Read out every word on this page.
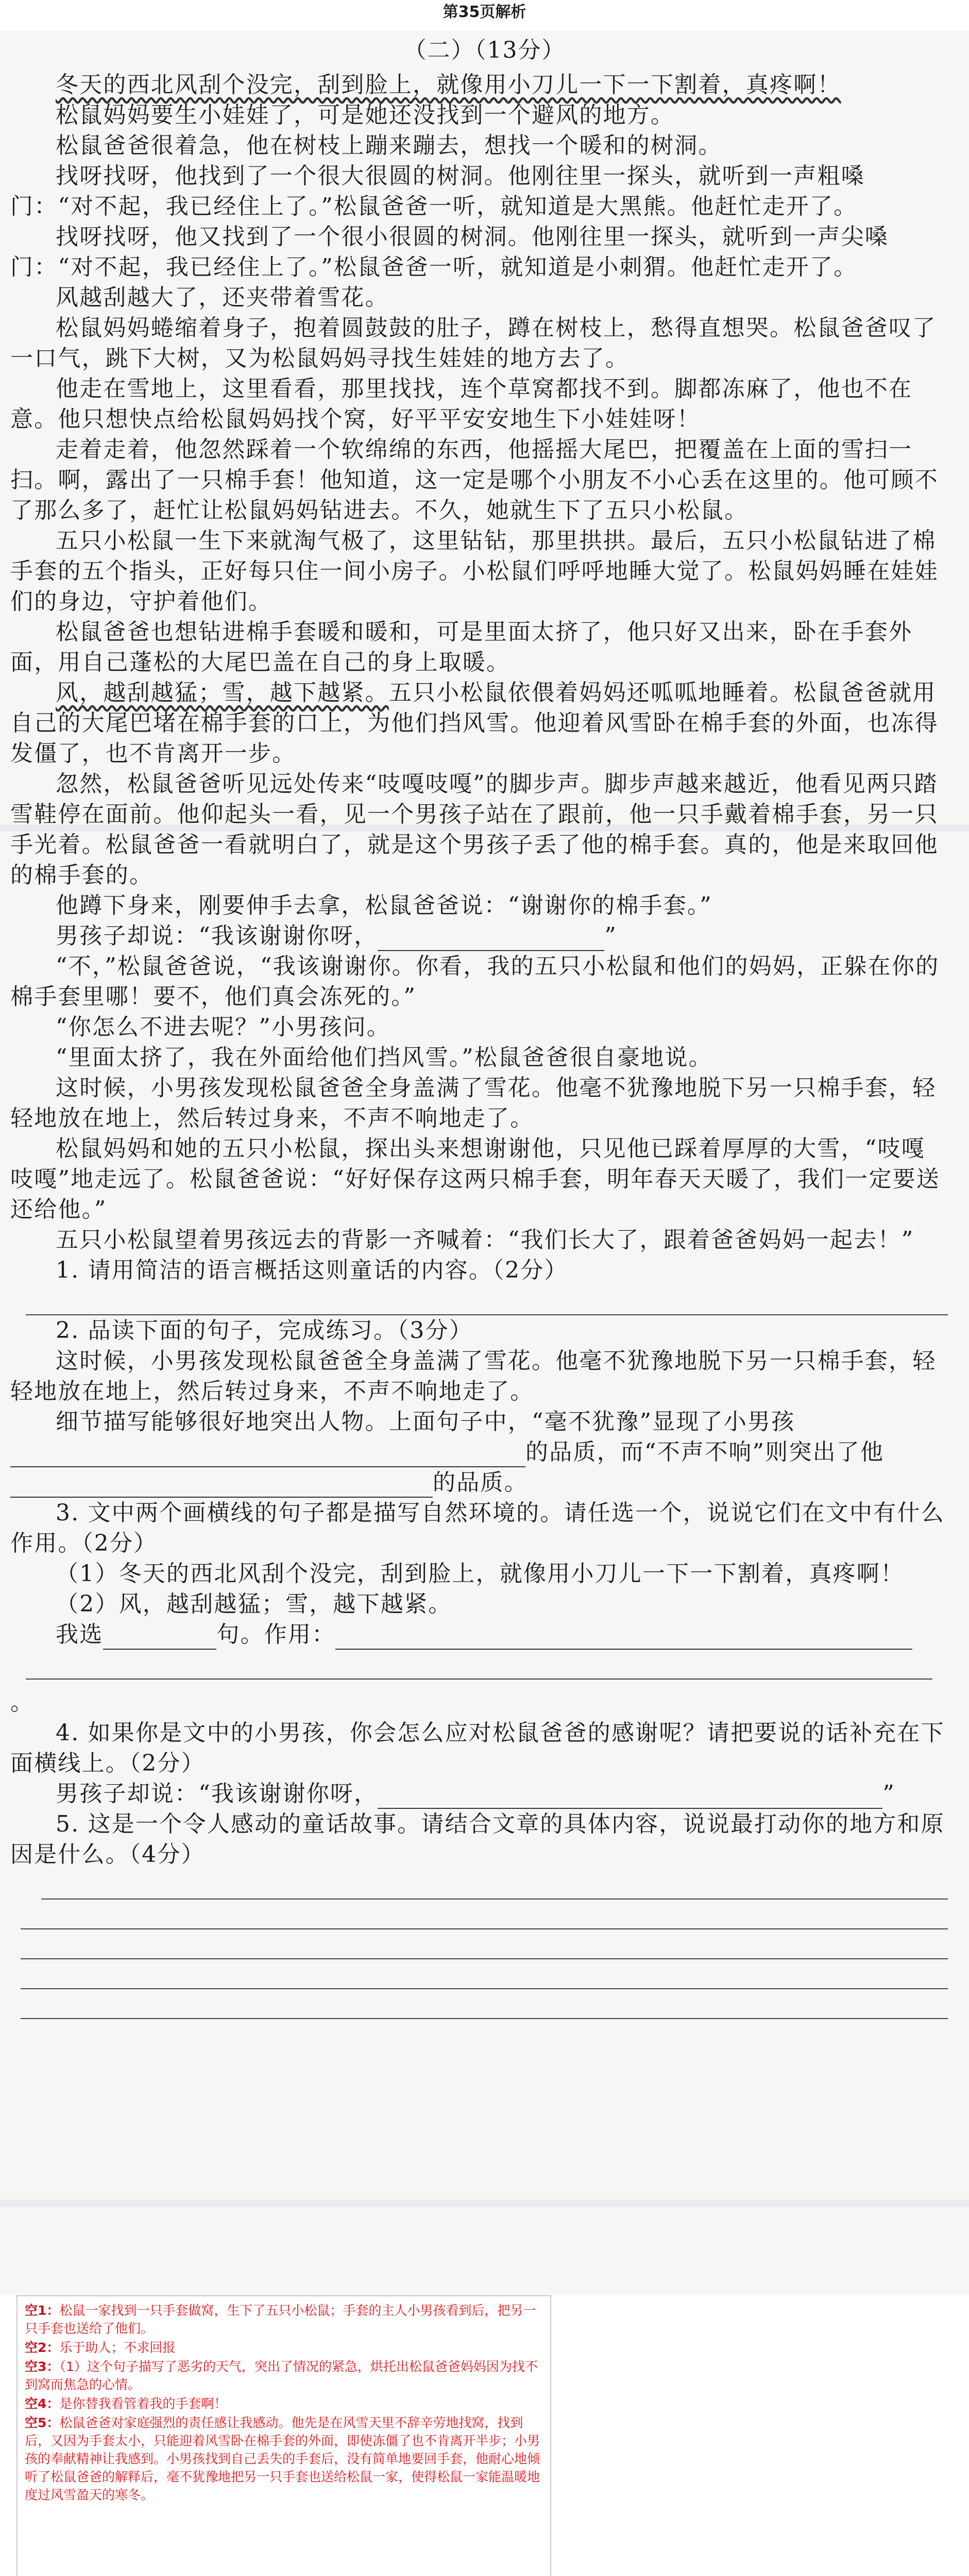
第35页解析
（二）（13分）

冬天的西北风刮个没完，刮到脸上，就像用小刀儿一下一下割着，真疼啊！

松鼠妈妈要生小娃娃了，可是她还没找到一个避风的地方。

松鼠爸爸很着急，他在树枝上蹦来蹦去，想找一个暖和的树洞。

找呀找呀，他找到了一个很大很圆的树洞。他刚往里一探头，就听到一声粗嗓门：“对不起，我已经住上了。”松鼠爸爸一听，就知道是大黑熊。他赶忙走开了。

找呀找呀，他又找到了一个很小很圆的树洞。他刚往里一探头，就听到一声尖嗓门：“对不起，我已经住上了。”松鼠爸爸一听，就知道是小刺猬。他赶忙走开了。

风越刮越大了，还夹带着雪花。

松鼠妈妈蜷缩着身子，抱着圆鼓鼓的肚子，蹲在树枝上，愁得直想哭。松鼠爸爸叹了一口气，跳下大树，又为松鼠妈妈寻找生娃娃的地方去了。

他走在雪地上，这里看看，那里找找，连个草窝都找不到。脚都冻麻了，他也不在意。他只想快点给松鼠妈妈找个窝，好平平安安地生下小娃娃呀！

走着走着，他忽然踩着一个软绵绵的东西，他摇摇大尾巴，把覆盖在上面的雪扫一扫。啊，露出了一只棉手套！他知道，这一定是哪个小朋友不小心丢在这里的。他可顾不了那么多了，赶忙让松鼠妈妈钻进去。不久，她就生下了五只小松鼠。

五只小松鼠一生下来就淘气极了，这里钻钻，那里拱拱。最后，五只小松鼠钻进了棉手套的五个指头，正好每只住一间小房子。小松鼠们呼呼地睡大觉了。松鼠妈妈睡在娃娃们的身边，守护着他们。

松鼠爸爸也想钻进棉手套暖和暖和，可是里面太挤了，他只好又出来，卧在手套外面，用自己蓬松的大尾巴盖在自己的身上取暖。

风，越刮越猛；雪，越下越紧。五只小松鼠依偎着妈妈还呱呱地睡着。松鼠爸爸就用自己的大尾巴堵在棉手套的口上，为他们挡风雪。他迎着风雪卧在棉手套的外面，也冻得发僵了，也不肯离开一步。

忽然，松鼠爸爸听见远处传来“吱嘎吱嘎”的脚步声。脚步声越来越近，他看见两只踏雪鞋停在面前。他仰起头一看，见一个男孩子站在了跟前，他一只手戴着棉手套，另一只手光着。松鼠爸爸一看就明白了，就是这个男孩子丢了他的棉手套。真的，他是来取回他的棉手套的。

他蹲下身来，刚要伸手去拿，松鼠爸爸说：“谢谢你的棉手套。”

男孩子却说：“我该谢谢你呀，	”

“不，”松鼠爸爸说，“我该谢谢你。你看，我的五只小松鼠和他们的妈妈，正躲在你的棉手套里哪！要不，他们真会冻死的。”

“你怎么不进去呢？”小男孩问。

“里面太挤了，我在外面给他们挡风雪。”松鼠爸爸很自豪地说。

这时候，小男孩发现松鼠爸爸全身盖满了雪花。他毫不犹豫地脱下另一只棉手套，轻轻地放在地上，然后转过身来，不声不响地走了。

松鼠妈妈和她的五只小松鼠，探出头来想谢谢他，只见他已踩着厚厚的大雪，“吱嘎吱嘎”地走远了。松鼠爸爸说：“好好保存这两只棉手套，明年春天天暖了，我们一定要送还给他。”

五只小松鼠望着男孩远去的背影一齐喊着：“我们长大了，跟着爸爸妈妈一起去！”

1. 请用简洁的语言概括这则童话的内容。（2分）

2. 品读下面的句子，完成练习。（3分）

这时候，小男孩发现松鼠爸爸全身盖满了雪花。他毫不犹豫地脱下另一只棉手套，轻轻地放在地上，然后转过身来，不声不响地走了。

细节描写能够很好地突出人物。上面句子中，“毫不犹豫”显现了小男孩

的品质，而“不声不响”则突出了他

的品质。

3. 文中两个画横线的句子都是描写自然环境的。请任选一个，说说它们在文中有什么作用。（2分）

（1）冬天的西北风刮个没完，刮到脸上，就像用小刀儿一下一下割着，真疼啊！

（2）风，越刮越猛；雪，越下越紧。

我选	句。作用：

。

4. 如果你是文中的小男孩，你会怎么应对松鼠爸爸的感谢呢？请把要说的话补充在下面横线上。（2分）

男孩子却说：“我该谢谢你呀，	”

5. 这是一个令人感动的童话故事。请结合文章的具体内容，说说最打动你的地方和原因是什么。（4分）

空1：松鼠一家找到一只手套做窝，生下了五只小松鼠；手套的主人小男孩看到后，把另一只手套也送给了他们。
空2：乐于助人；不求回报
空3：（1）这个句子描写了恶劣的天气，突出了情况的紧急，烘托出松鼠爸爸妈妈因为找不到窝而焦急的心情。
空4：是你替我看管着我的手套啊！
空5：松鼠爸爸对家庭强烈的责任感让我感动。他先是在风雪天里不辞辛劳地找窝，找到后，又因为手套太小，只能迎着风雪卧在棉手套的外面，即使冻僵了也不肯离开半步；小男孩的奉献精神让我感到。小男孩找到自己丢失的手套后，没有简单地要回手套，他耐心地倾听了松鼠爸爸的解释后，毫不犹豫地把另一只手套也送给松鼠一家，使得松鼠一家能温暖地度过风雪盈天的寒冬。
